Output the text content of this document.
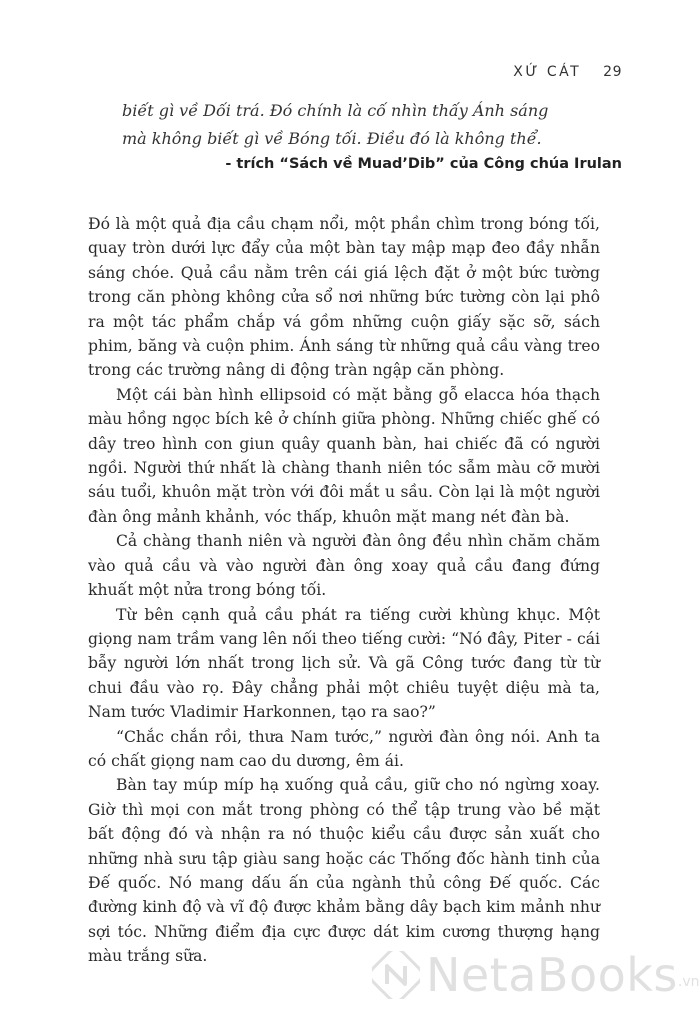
XỨ CÁT 29
biết gì về Dối trá. Đó chính là cố nhìn thấy Ánh sáng mà không biết gì về Bóng tối. Điều đó là không thể.
- trích “Sách về Muad’Dib” của Công chúa Irulan

Đó là một quả địa cầu chạm nổi, một phần chìm trong bóng tối, quay tròn dưới lực đẩy của một bàn tay mập mạp đeo đầy nhẫn sáng chóe. Quả cầu nằm trên cái giá lệch đặt ở một bức tường trong căn phòng không cửa sổ nơi những bức tường còn lại phô ra một tác phẩm chắp vá gồm những cuộn giấy sặc sỡ, sách phim, băng và cuộn phim. Ánh sáng từ những quả cầu vàng treo trong các trường nâng di động tràn ngập căn phòng.

Một cái bàn hình ellipsoid có mặt bằng gỗ elacca hóa thạch màu hồng ngọc bích kê ở chính giữa phòng. Những chiếc ghế có dây treo hình con giun quây quanh bàn, hai chiếc đã có người ngồi. Người thứ nhất là chàng thanh niên tóc sẫm màu cỡ mười sáu tuổi, khuôn mặt tròn với đôi mắt u sầu. Còn lại là một người đàn ông mảnh khảnh, vóc thấp, khuôn mặt mang nét đàn bà.

Cả chàng thanh niên và người đàn ông đều nhìn chăm chăm vào quả cầu và vào người đàn ông xoay quả cầu đang đứng khuất một nửa trong bóng tối.

Từ bên cạnh quả cầu phát ra tiếng cười khùng khục. Một giọng nam trầm vang lên nối theo tiếng cười: “Nó đây, Piter - cái bẫy người lớn nhất trong lịch sử. Và gã Công tước đang từ từ chui đầu vào rọ. Đây chẳng phải một chiêu tuyệt diệu mà ta, Nam tước Vladimir Harkonnen, tạo ra sao?”

“Chắc chắn rồi, thưa Nam tước,” người đàn ông nói. Anh ta có chất giọng nam cao du dương, êm ái.

Bàn tay múp míp hạ xuống quả cầu, giữ cho nó ngừng xoay. Giờ thì mọi con mắt trong phòng có thể tập trung vào bề mặt bất động đó và nhận ra nó thuộc kiểu cầu được sản xuất cho những nhà sưu tập giàu sang hoặc các Thống đốc hành tinh của Đế quốc. Nó mang dấu ấn của ngành thủ công Đế quốc. Các đường kinh độ và vĩ độ được khảm bằng dây bạch kim mảnh như sợi tóc. Những điểm địa cực được dát kim cương thượng hạng màu trắng sữa.	NetaBooks .vn
